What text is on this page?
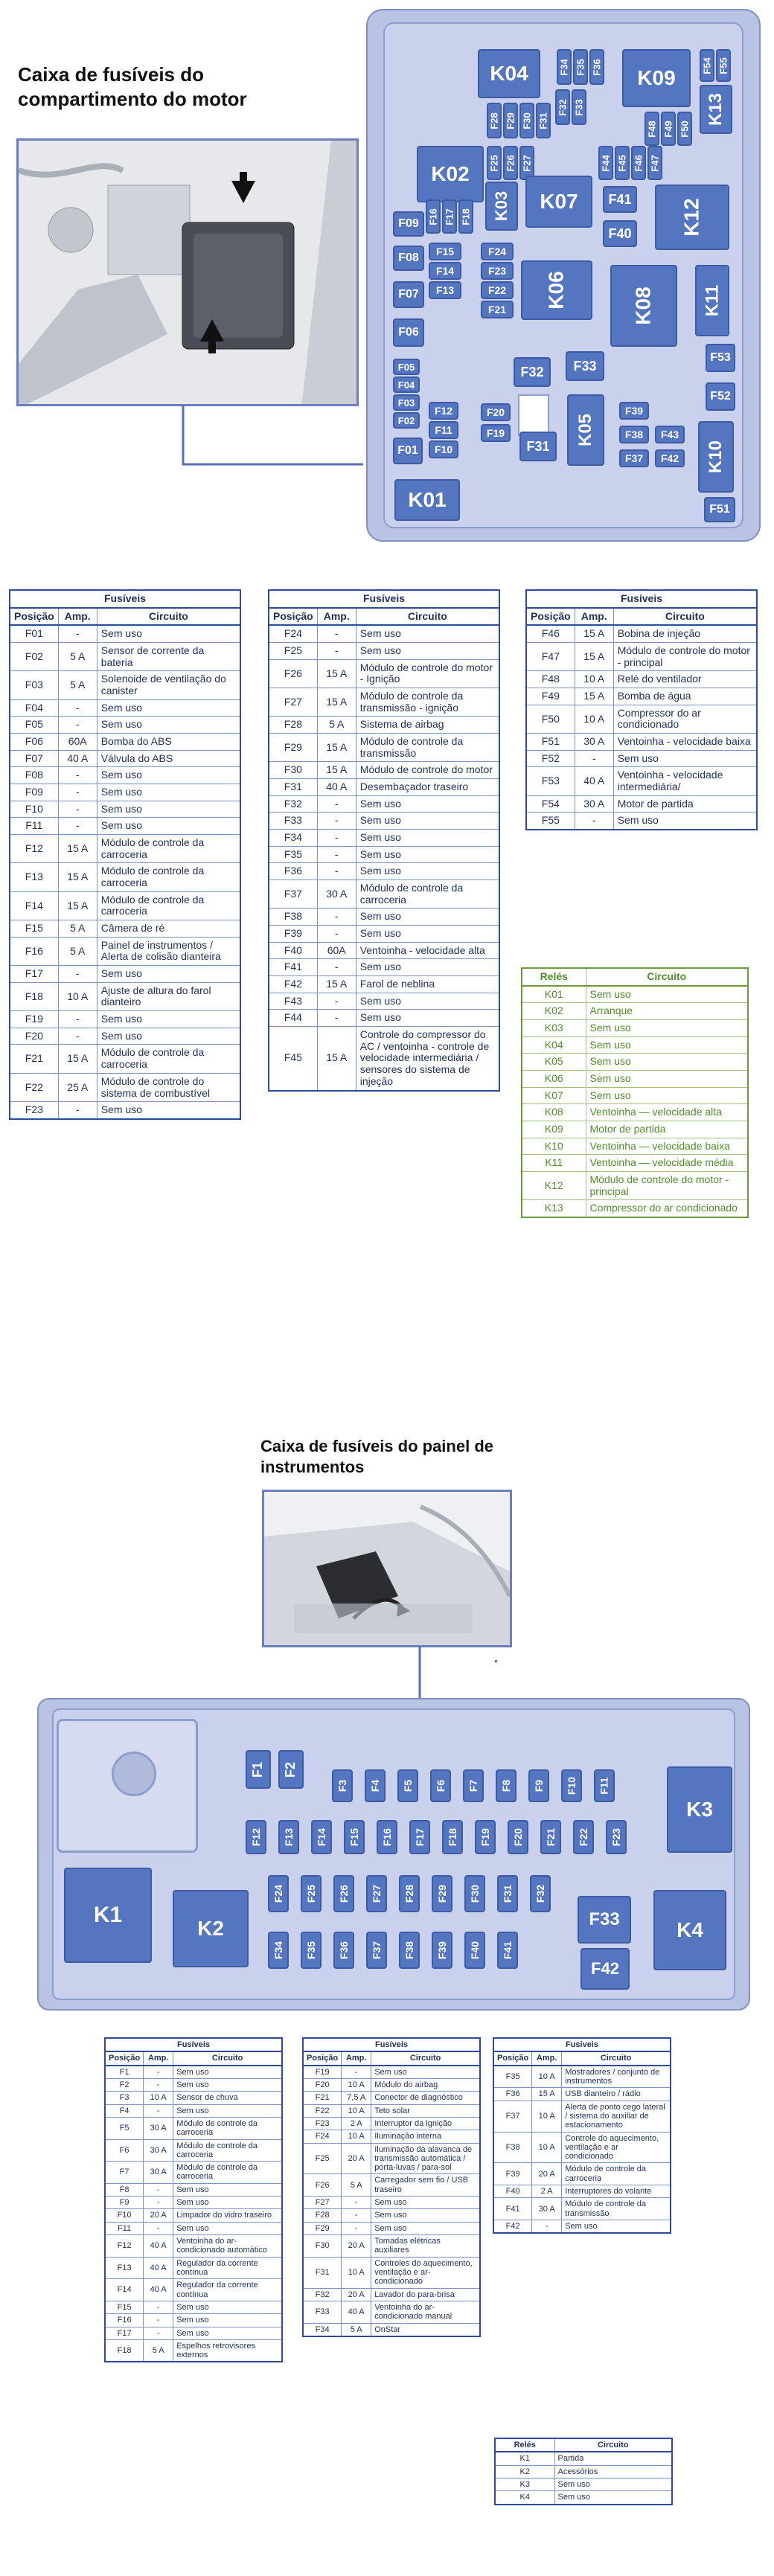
Caixa de fusíveis do compartimento do motor
K04	F34 F35 F36	K09
F54 F55
K13
F28 F29 F30 F31
F32 F33
F48 F49 F50
K02	F25 F26 F27
K03	K07
F44 F45 F46 F47
F41
F40 K12
F09 F16 F17 F18
F08	F15
F14
F13
F07
F24
F23
F22
F21
K06	K08	K11
F06
F05
F04
F03
F02
F32	F33
F53
F52
F12
F11
F10
F20
F19
F31	K05
F39
F38
F37
F43
F42	K10
F01
K01	F51
Fusíveis		
Posição	Amp.	Circuito
F01	-	Sem uso
F02	5 A	Sensor de corrente da bateria
F03	5 A	Solenoide de ventilação do canister
F04	-	Sem uso
F05	-	Sem uso
F06	60A	Bomba do ABS
F07	40 A	Válvula do ABS
F08	-	Sem uso
F09	-	Sem uso
F10	-	Sem uso
F11	-	Sem uso
F12	15 A	Módulo de controle da carroceria
F13	15 A	Módulo de controle da carroceria
F14	15 A	Módulo de controle da carroceria
F15	5 A	Câmera de ré
F16	5 A	Painel de instrumentos / Alerta de colisão dianteira
F17	-	Sem uso
F18	10 A	Ajuste de altura do farol dianteiro
F19	-	Sem uso
F20	-	Sem uso
F21	15 A	Módulo de controle da carroceria
F22	25 A	Módulo de controle do sistema de combustível
F23	-	Sem uso
Fusíveis		
Posição	Amp.	Circuito
F24	-	Sem uso
F25	-	Sem uso
F26	15 A	Módulo de controle do motor - Ignição
F27	15 A	Módulo de controle da transmissão - ignição
F28	5 A	Sistema de airbag
F29	15 A	Módulo de controle da transmissão
F30	15 A	Módulo de controle do motor
F31	40 A	Desembaçador traseiro
F32	-	Sem uso
F33	-	Sem uso
F34	-	Sem uso
F35	-	Sem uso
F36	-	Sem uso
F37	30 A	Módulo de controle da carroceria
F38	-	Sem uso
F39	-	Sem uso
F40	60A	Ventoinha - velocidade alta
F41	-	Sem uso
F42	15 A	Farol de neblina
F43	-	Sem uso
F44	-	Sem uso
F45	15 A	Controle do compressor do AC / ventoinha - controle de velocidade intermediária / sensores do sistema de injeção
Fusíveis		
Posição	Amp.	Circuito
F46	15 A	Bobina de injeção
F47	15 A	Módulo de controle do motor - principal
F48	10 A	Relé do ventilador
F49	15 A	Bomba de água
F50	10 A	Compressor do ar condicionado
F51	30 A	Ventoinha - velocidade baixa
F52	-	Sem uso
F53	40 A	Ventoinha - velocidade intermediária/
F54	30 A	Motor de partida
F55	-	Sem uso
Relés	Circuito
K01	Sem uso
K02	Arranque
K03	Sem uso
K04	Sem uso
K05	Sem uso
K06	Sem uso
K07	Sem uso
K08	Ventoinha — velocidade alta
K09	Motor de partida
K10	Ventoinha — velocidade baixa
K11	Ventoinha — velocidade média
K12	Módulo de controle do motor - principal
K13	Compressor do ar condicionado
Caixa de fusíveis do painel de instrumentos
•
K1
K2
K3
K4
F33
F42
F1 F2
F3 F4 F5 F6 F7 F8 F9 F10 F11
F12 F13 F14 F15 F16 F17 F18 F19 F20 F21 F22 F23
F24 F25 F26 F27 F28 F29 F30 F31 F32
F34 F35 F36 F37 F38 F39 F40 F41
Fusíveis		
Posição	Amp.	Circuito
F1	-	Sem uso
F2	-	Sem uso
F3	10 A	Sensor de chuva
F4	-	Sem uso
F5	30 A	Módulo de controle da carroceria
F6	30 A	Módulo de controle da carroceria
F7	30 A	Módulo de controle da carroceria
F8	-	Sem uso
F9	-	Sem uso
F10	20 A	Limpador do vidro traseiro
F11	-	Sem uso
F12	40 A	Ventoinha do ar-condicionado automático
F13	40 A	Regulador da corrente contínua
F14	40 A	Regulador da corrente contínua
F15	-	Sem uso
F16	-	Sem uso
F17	-	Sem uso
F18	5 A	Espelhos retrovisores externos
Fusíveis		
Posição	Amp.	Circuito
F19	-	Sem uso
F20	10 A	Módulo do airbag
F21	7,5 A	Conector de diagnóstico
F22	10 A	Teto solar
F23	2 A	Interruptor da ignição
F24	10 A	Iluminação interna
F25	20 A	Iluminação da alavanca de transmissão automática / porta-luvas / para-sol
F26	5 A	Carregador sem fio / USB traseiro
F27	-	Sem uso
F28	-	Sem uso
F29	-	Sem uso
F30	20 A	Tomadas elétricas auxiliares
F31	10 A	Controles do aquecimento, ventilação e ar-condicionado
F32	20 A	Lavador do para-brisa
F33	40 A	Ventoinha do ar-condicionado manual
F34	5 A	OnStar
Fusíveis		
Posição	Amp.	Circuito
F35	10 A	Mostradores / conjunto de instrumentos
F36	15 A	USB dianteiro / rádio
F37	10 A	Alerta de ponto cego lateral / sistema do auxiliar de estacionamento
F38	10 A	Controle do aquecimento, ventilação e ar condicionado
F39	20 A	Módulo de controle da carroceria
F40	2 A	Interruptores do volante
F41	30 A	Módulo de controle da transmissão
F42	-	Sem uso
Relés	Circuito
K1	Partida
K2	Acessórios
K3	Sem uso
K4	Sem uso
